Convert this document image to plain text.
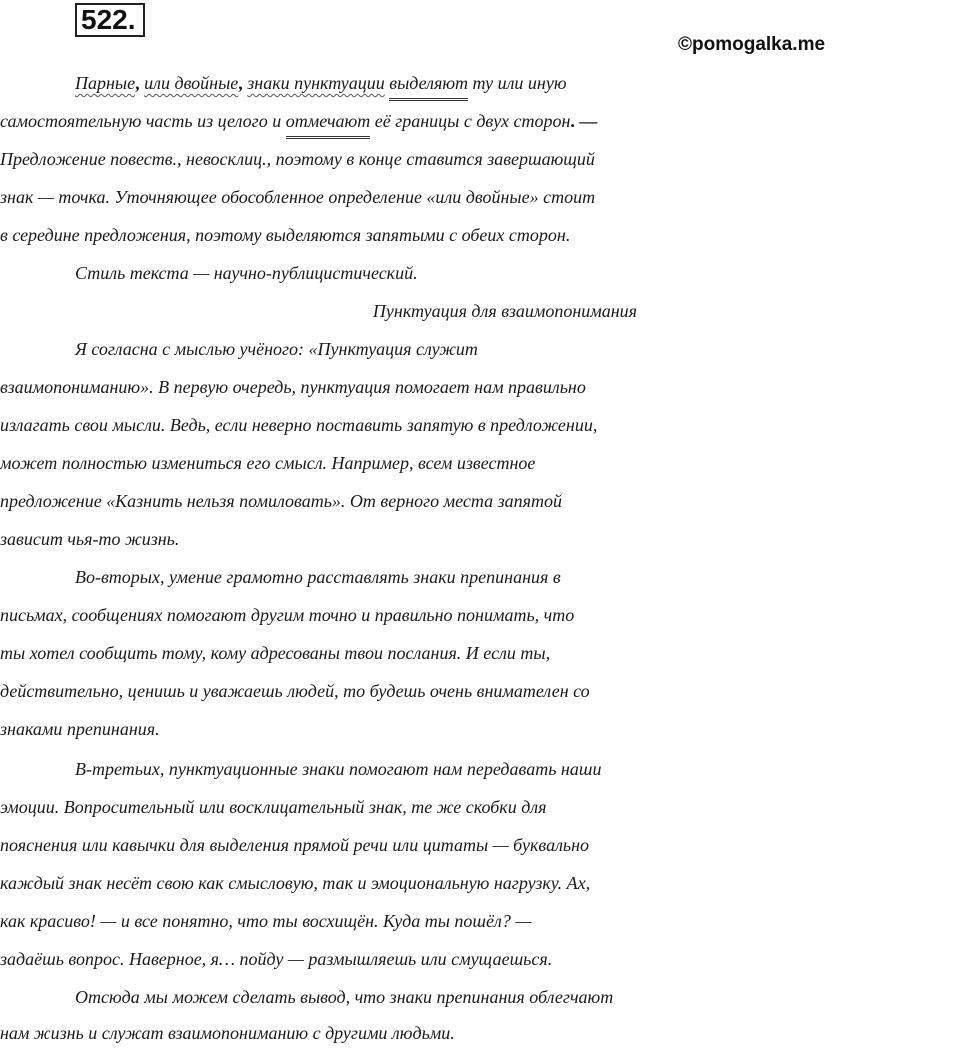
522.
©pomogalka.me
Парные, или двойные, знаки пунктуации выделяют ту или иную
самостоятельную часть из целого и отмечают её границы с двух сторон. —
Предложение повеств., невосклиц., поэтому в конце ставится завершающий
знак — точка. Уточняющее обособленное определение «или двойные» стоит
в середине предложения, поэтому выделяются запятыми с обеих сторон.
Стиль текста — научно-публицистический.
Пунктуация для взаимопонимания
Я согласна с мыслью учёного: «Пунктуация служит
взаимопониманию». В первую очередь, пунктуация помогает нам правильно
излагать свои мысли. Ведь, если неверно поставить запятую в предложении,
может полностью измениться его смысл. Например, всем известное
предложение «Казнить нельзя помиловать». От верного места запятой
зависит чья-то жизнь.
Во-вторых, умение грамотно расставлять знаки препинания в
письмах, сообщениях помогают другим точно и правильно понимать, что
ты хотел сообщить тому, кому адресованы твои послания. И если ты,
действительно, ценишь и уважаешь людей, то будешь очень внимателен со
знаками препинания.
В-третьих, пунктуационные знаки помогают нам передавать наши
эмоции. Вопросительный или восклицательный знак, те же скобки для
пояснения или кавычки для выделения прямой речи или цитаты — буквально
каждый знак несёт свою как смысловую, так и эмоциональную нагрузку. Ах,
как красиво! — и все понятно, что ты восхищён. Куда ты пошёл? —
задаёшь вопрос. Наверное, я… пойду — размышляешь или смущаешься.
Отсюда мы можем сделать вывод, что знаки препинания облегчают
нам жизнь и служат взаимопониманию с другими людьми.
